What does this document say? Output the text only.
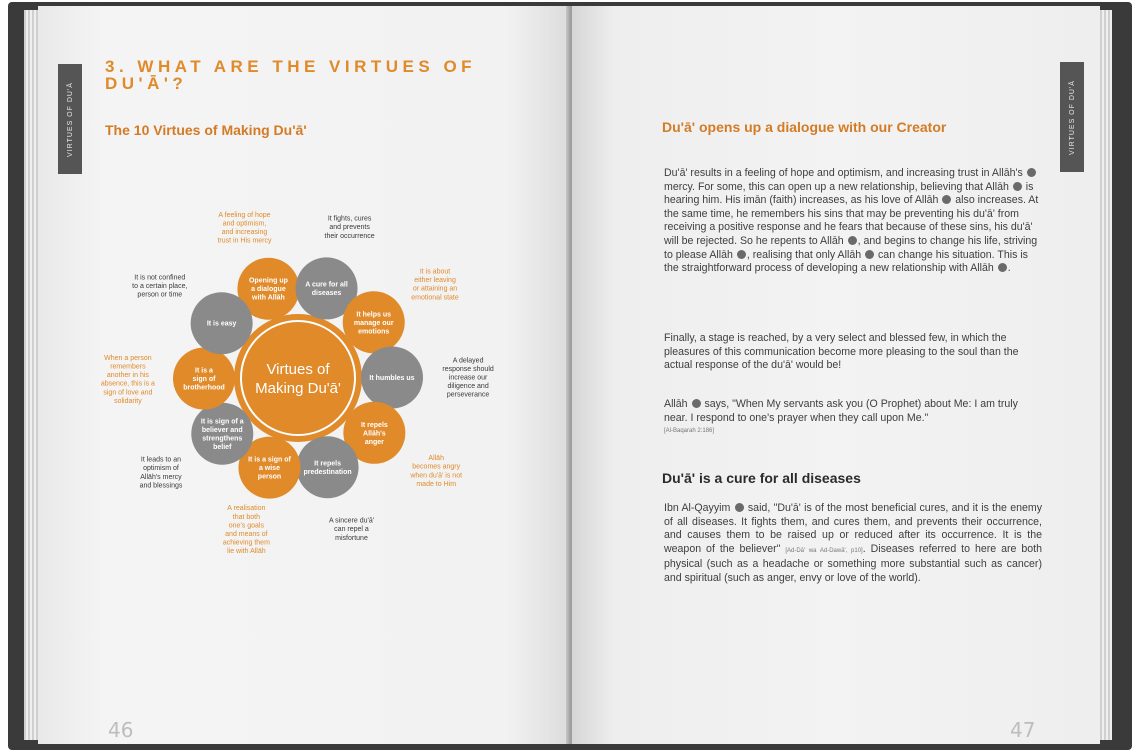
VIRTUES OF DU'Ā
3. WHAT ARE THE VIRTUES OF DU'Ā'?
The 10 Virtues of Making Du'ā'
Virtues of Making Du'ā'
Opening up a dialogue with Allāh
A cure for all diseases
It helps us manage our emotions
It humbles us
It repels Allāh's anger
It repels predestination
It is a sign of a wise person
It is sign of a believer and strengthens belief
It is a sign of brotherhood
It is easy
A feeling of hope and optimism, and increasing trust in His mercy
It fights, cures and prevents their occurrence
It is about either leaving or attaining an emotional state
A delayed response should increase our diligence and perseverance
Allāh becomes angry when du'ā' is not made to Him
A sincere du'ā' can repel a misfortune
A realisation that both one's goals and means of achieving them lie with Allāh
It leads to an optimism of Allāh's mercy and blessings
When a person remembers another in his absence, this is a sign of love and solidarity
It is not confined to a certain place, person or time
46
VIRTUES OF DU'Ā
Du'ā' opens up a dialogue with our Creator

Du'ā' results in a feeling of hope and optimism, and increasing trust in Allāh's  mercy. For some, this can open up a new relationship, believing that Allāh  is hearing him. His imān (faith) increases, as his love of Allāh  also increases. At the same time, he remembers his sins that may be preventing his du'ā' from receiving a positive response and he fears that because of these sins, his du'ā' will be rejected. So he repents to Allāh , and begins to change his life, striving to please Allāh , realising that only Allāh  can change his situation. This is the straightforward process of developing a new relationship with Allāh .

Finally, a stage is reached, by a very select and blessed few, in which the pleasures of this communication become more pleasing to the soul than the actual response of the du'ā' would be!

Allāh  says, "When My servants ask you (O Prophet) about Me: I am truly near. I respond to one's prayer when they call upon Me."

[Al-Baqarah 2:186]
Du'ā' is a cure for all diseases

Ibn Al-Qayyim  said, "Du'ā' is of the most beneficial cures, and it is the enemy of all diseases. It fights them, and cures them, and prevents their occurrence, and causes them to be raised up or reduced after its occurrence. It is the weapon of the believer" [Ad-Dā' wa Ad-Dawā', p10]. Diseases referred to here are both physical (such as a headache or something more substantial such as cancer) and spiritual (such as anger, envy or love of the world).

47
